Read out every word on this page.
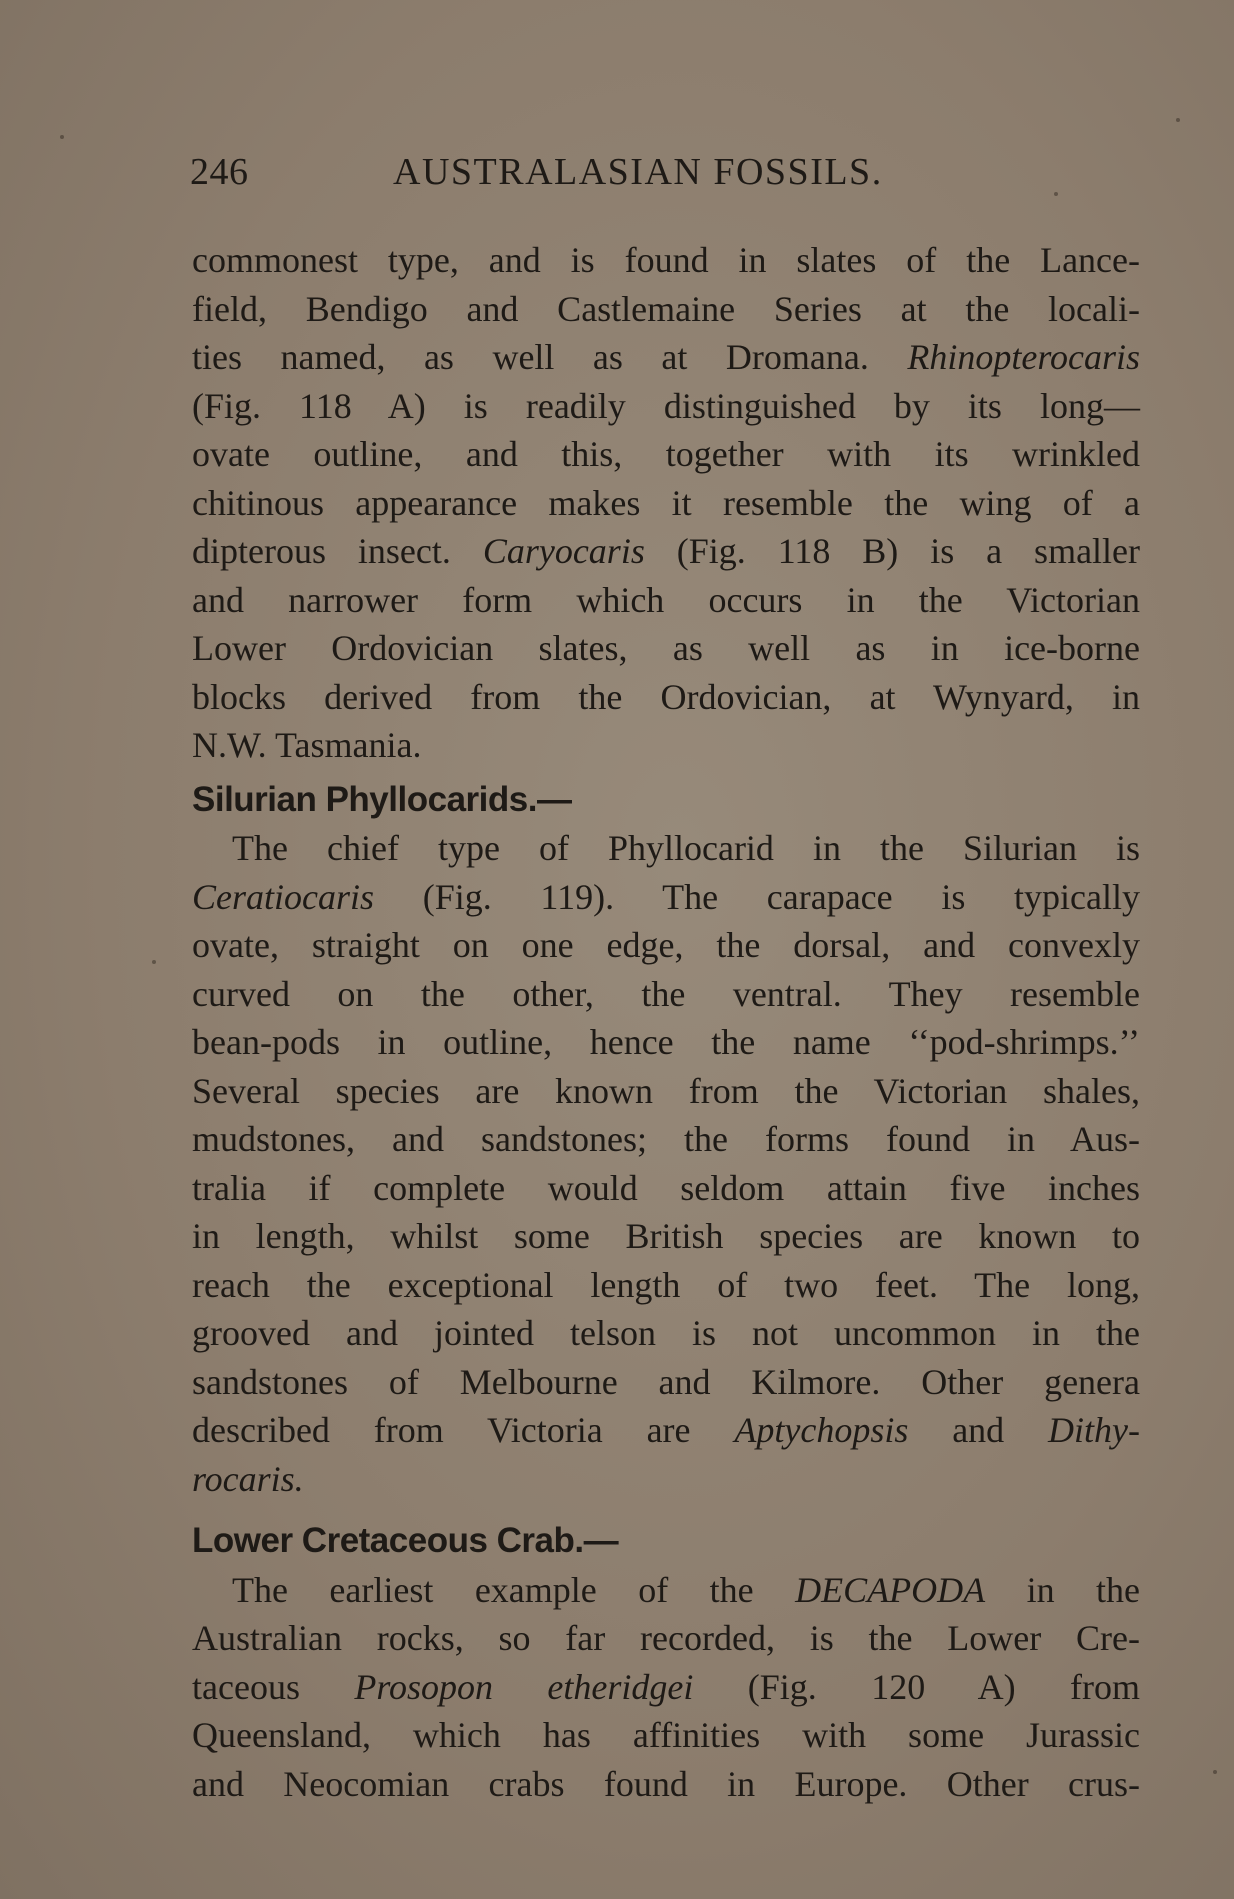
246	AUSTRALASIAN FOSSILS.
commonest type, and is found in slates of the Lance-
field, Bendigo and Castlemaine Series at the locali-
ties named, as well as at Dromana. Rhinopterocaris
(Fig. 118 A) is readily distinguished by its long—
ovate outline, and this, together with its wrinkled
chitinous appearance makes it resemble the wing of a
dipterous insect. Caryocaris (Fig. 118 B) is a smaller
and narrower form which occurs in the Victorian
Lower Ordovician slates, as well as in ice-borne
blocks derived from the Ordovician, at Wynyard, in
N.W. Tasmania.
Silurian Phyllocarids.—
The chief type of Phyllocarid in the Silurian is
Ceratiocaris (Fig. 119). The carapace is typically
ovate, straight on one edge, the dorsal, and convexly
curved on the other, the ventral. They resemble
bean-pods in outline, hence the name ‘‘pod-shrimps.’’
Several species are known from the Victorian shales,
mudstones, and sandstones; the forms found in Aus-
tralia if complete would seldom attain five inches
in length, whilst some British species are known to
reach the exceptional length of two feet. The long,
grooved and jointed telson is not uncommon in the
sandstones of Melbourne and Kilmore. Other genera
described from Victoria are Aptychopsis and Dithy-
rocaris.
Lower Cretaceous Crab.—
The earliest example of the DECAPODA in the
Australian rocks, so far recorded, is the Lower Cre-
taceous Prosopon etheridgei (Fig. 120 A) from
Queensland, which has affinities with some Jurassic
and Neocomian crabs found in Europe. Other crus-
